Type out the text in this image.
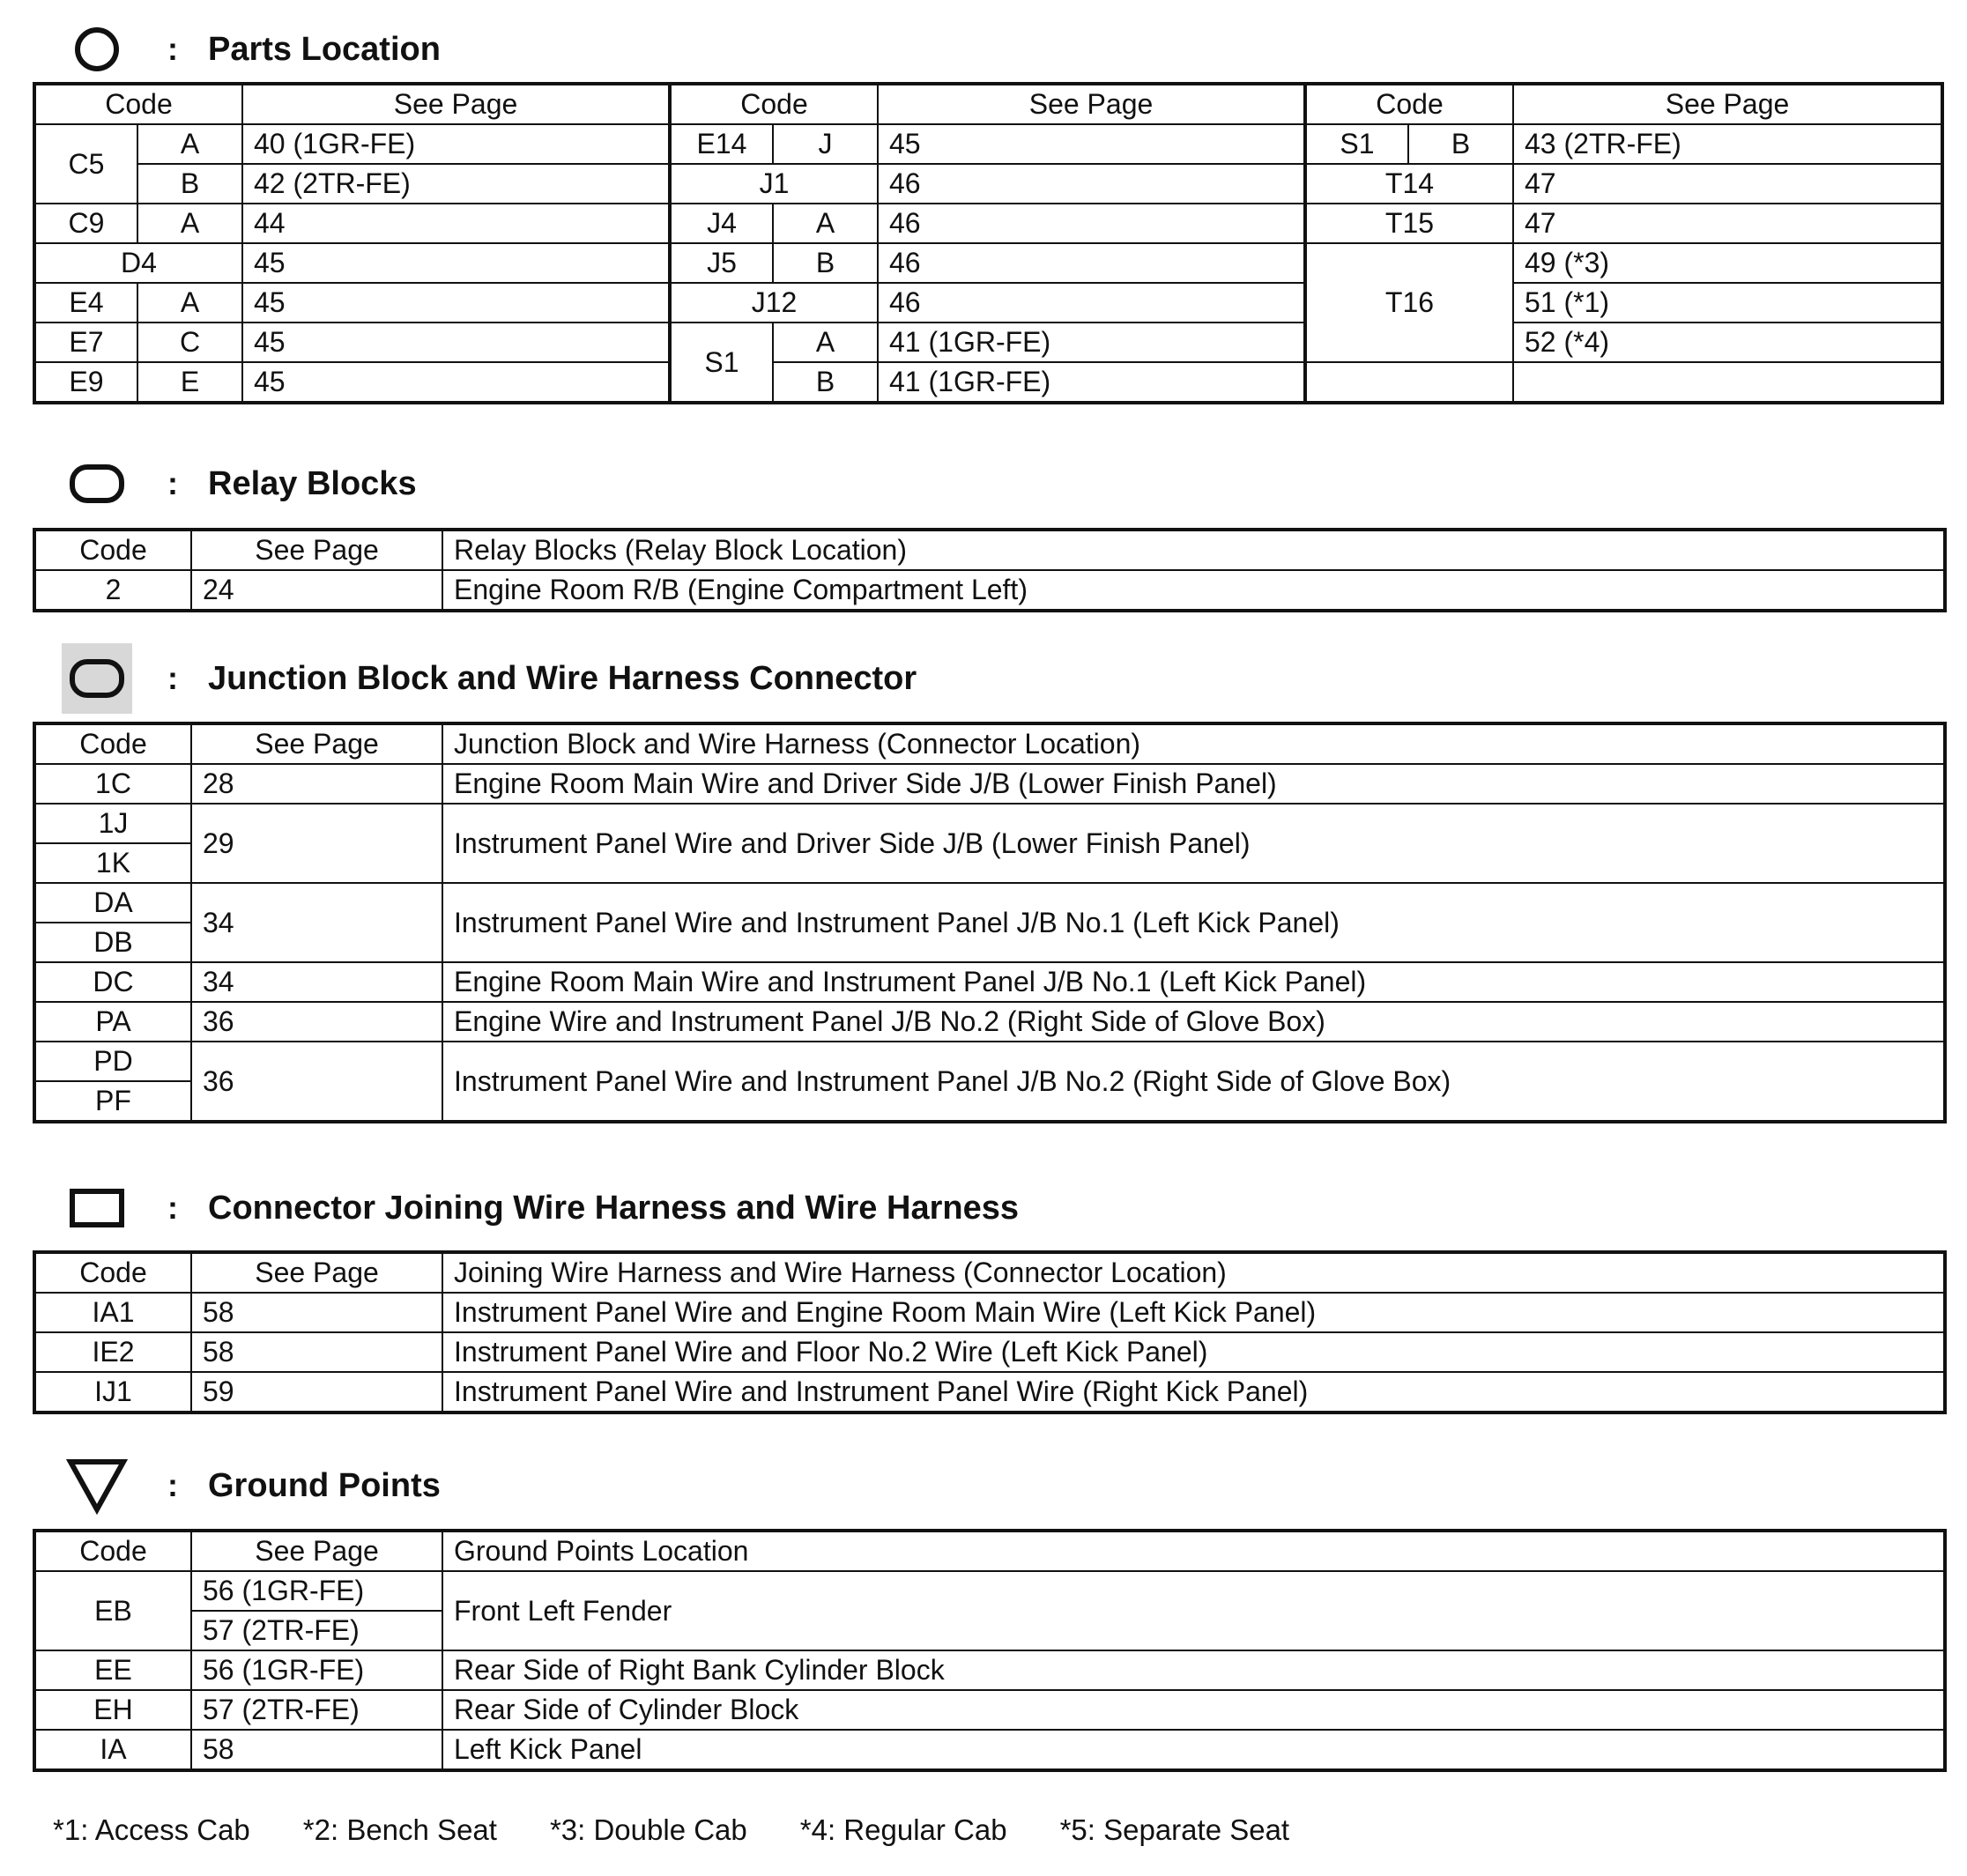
: Parts Location
Code		See Page	Code		See Page	Code		See Page
C5	A	40 (1GR-FE)	E14	J	45	S1	B	43 (2TR-FE)
	B	42 (2TR-FE)	J1		46	T14		47
C9	A	44	J4	A	46	T15		47
D4		45	J5	B	46	T16		49 (*3)
E4	A	45	J12		46			51 (*1)
E7	C	45	S1	A	41 (1GR-FE)			52 (*4)
E9	E	45		B	41 (1GR-FE)			
: Relay Blocks
Code	See Page	Relay Blocks (Relay Block Location)
2	24	Engine Room R/B (Engine Compartment Left)
: Junction Block and Wire Harness Connector
Code	See Page	Junction Block and Wire Harness (Connector Location)
1C	28	Engine Room Main Wire and Driver Side J/B (Lower Finish Panel)
1J	29	Instrument Panel Wire and Driver Side J/B (Lower Finish Panel)
1K		
DA	34	Instrument Panel Wire and Instrument Panel J/B No.1 (Left Kick Panel)
DB		
DC	34	Engine Room Main Wire and Instrument Panel J/B No.1 (Left Kick Panel)
PA	36	Engine Wire and Instrument Panel J/B No.2 (Right Side of Glove Box)
PD	36	Instrument Panel Wire and Instrument Panel J/B No.2 (Right Side of Glove Box)
PF		
: Connector Joining Wire Harness and Wire Harness
Code	See Page	Joining Wire Harness and Wire Harness (Connector Location)
IA1	58	Instrument Panel Wire and Engine Room Main Wire (Left Kick Panel)
IE2	58	Instrument Panel Wire and Floor No.2 Wire (Left Kick Panel)
IJ1	59	Instrument Panel Wire and Instrument Panel Wire (Right Kick Panel)
: Ground Points
Code	See Page	Ground Points Location
EB	56 (1GR-FE)	Front Left Fender
	57 (2TR-FE)	
EE	56 (1GR-FE)	Rear Side of Right Bank Cylinder Block
EH	57 (2TR-FE)	Rear Side of Cylinder Block
IA	58	Left Kick Panel
*1: Access Cab *2: Bench Seat *3: Double Cab *4: Regular Cab *5: Separate Seat
